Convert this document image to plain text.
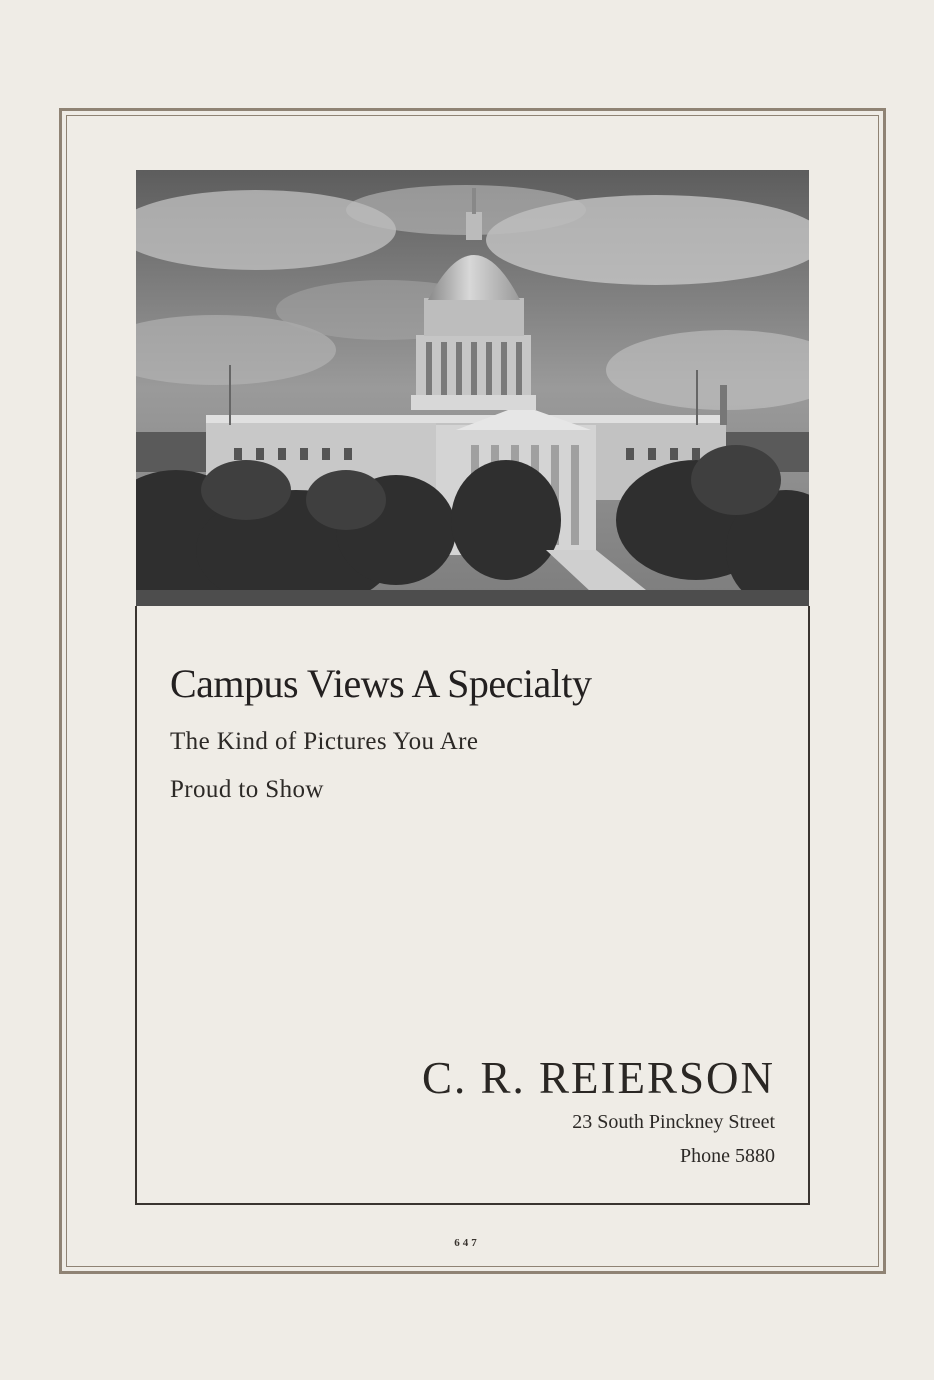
Campus Views A Specialty
The Kind of Pictures You Are
Proud to Show
C. R. REIERSON
23 South Pinckney Street
Phone 5880
647
